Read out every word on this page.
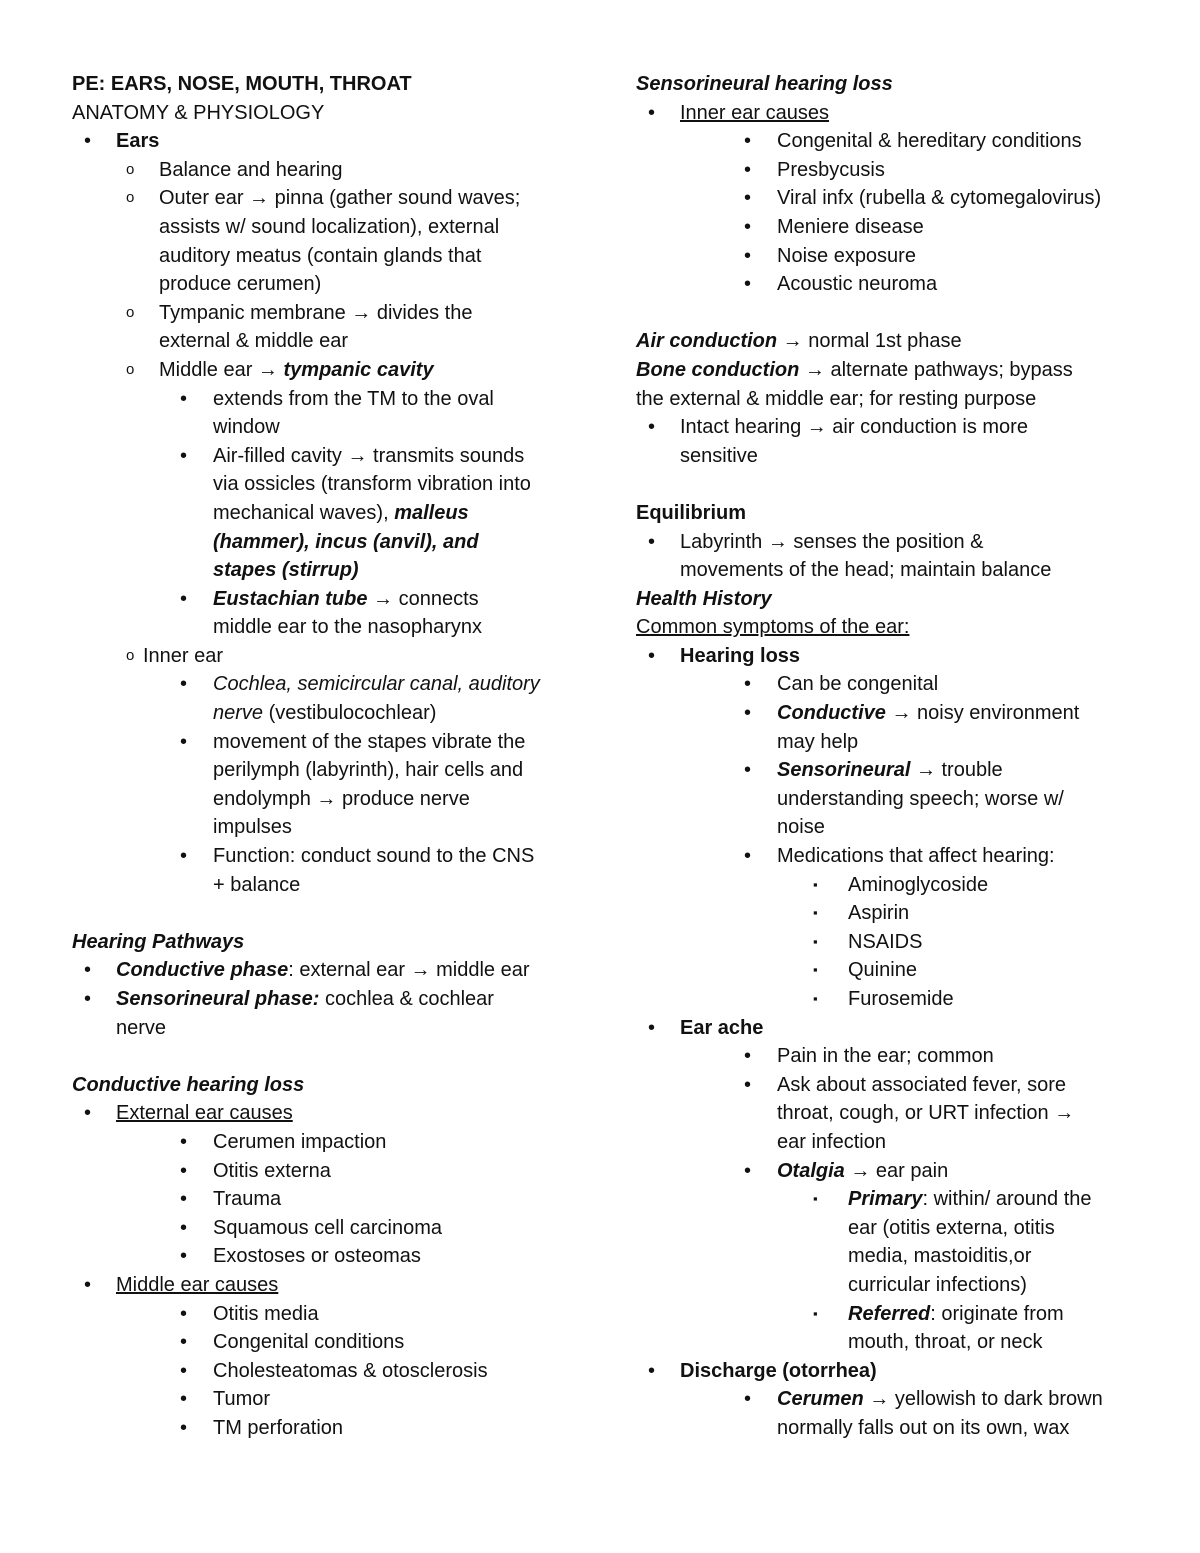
PE: EARS, NOSE, MOUTH, THROAT
ANATOMY & PHYSIOLOGY
• Ears
o Balance and hearing
o Outer ear → pinna (gather sound waves;
assists w/ sound localization), external
auditory meatus (contain glands that
produce cerumen)
o Tympanic membrane → divides the
external & middle ear
o Middle ear → tympanic cavity
• extends from the TM to the oval
window
• Air-filled cavity → transmits sounds
via ossicles (transform vibration into
mechanical waves), malleus
(hammer), incus (anvil), and
stapes (stirrup)
• Eustachian tube → connects
middle ear to the nasopharynx
o Inner ear
• Cochlea, semicircular canal, auditory
nerve (vestibulocochlear)
• movement of the stapes vibrate the
perilymph (labyrinth), hair cells and
endolymph → produce nerve
impulses
• Function: conduct sound to the CNS
+ balance
Hearing Pathways
• Conductive phase: external ear → middle ear
• Sensorineural phase: cochlea & cochlear
nerve
Conductive hearing loss
• External ear causes
• Cerumen impaction
• Otitis externa
• Trauma
• Squamous cell carcinoma
• Exostoses or osteomas
• Middle ear causes
• Otitis media
• Congenital conditions
• Cholesteatomas & otosclerosis
• Tumor
• TM perforation
Sensorineural hearing loss
• Inner ear causes
• Congenital & hereditary conditions
• Presbycusis
• Viral infx (rubella & cytomegalovirus)
• Meniere disease
• Noise exposure
• Acoustic neuroma
Air conduction → normal 1st phase
Bone conduction → alternate pathways; bypass
the external & middle ear; for resting purpose
• Intact hearing → air conduction is more
sensitive
Equilibrium
• Labyrinth → senses the position &
movements of the head; maintain balance
Health History
Common symptoms of the ear:
• Hearing loss
• Can be congenital
• Conductive → noisy environment
may help
• Sensorineural → trouble
understanding speech; worse w/
noise
• Medications that affect hearing:
▪ Aminoglycoside
▪ Aspirin
▪ NSAIDS
▪ Quinine
▪ Furosemide
• Ear ache
• Pain in the ear; common
• Ask about associated fever, sore
throat, cough, or URT infection →
ear infection
• Otalgia → ear pain
▪ Primary: within/ around the
ear (otitis externa, otitis
media, mastoiditis,or
curricular infections)
▪ Referred: originate from
mouth, throat, or neck
• Discharge (otorrhea)
• Cerumen → yellowish to dark brown
normally falls out on its own, wax
